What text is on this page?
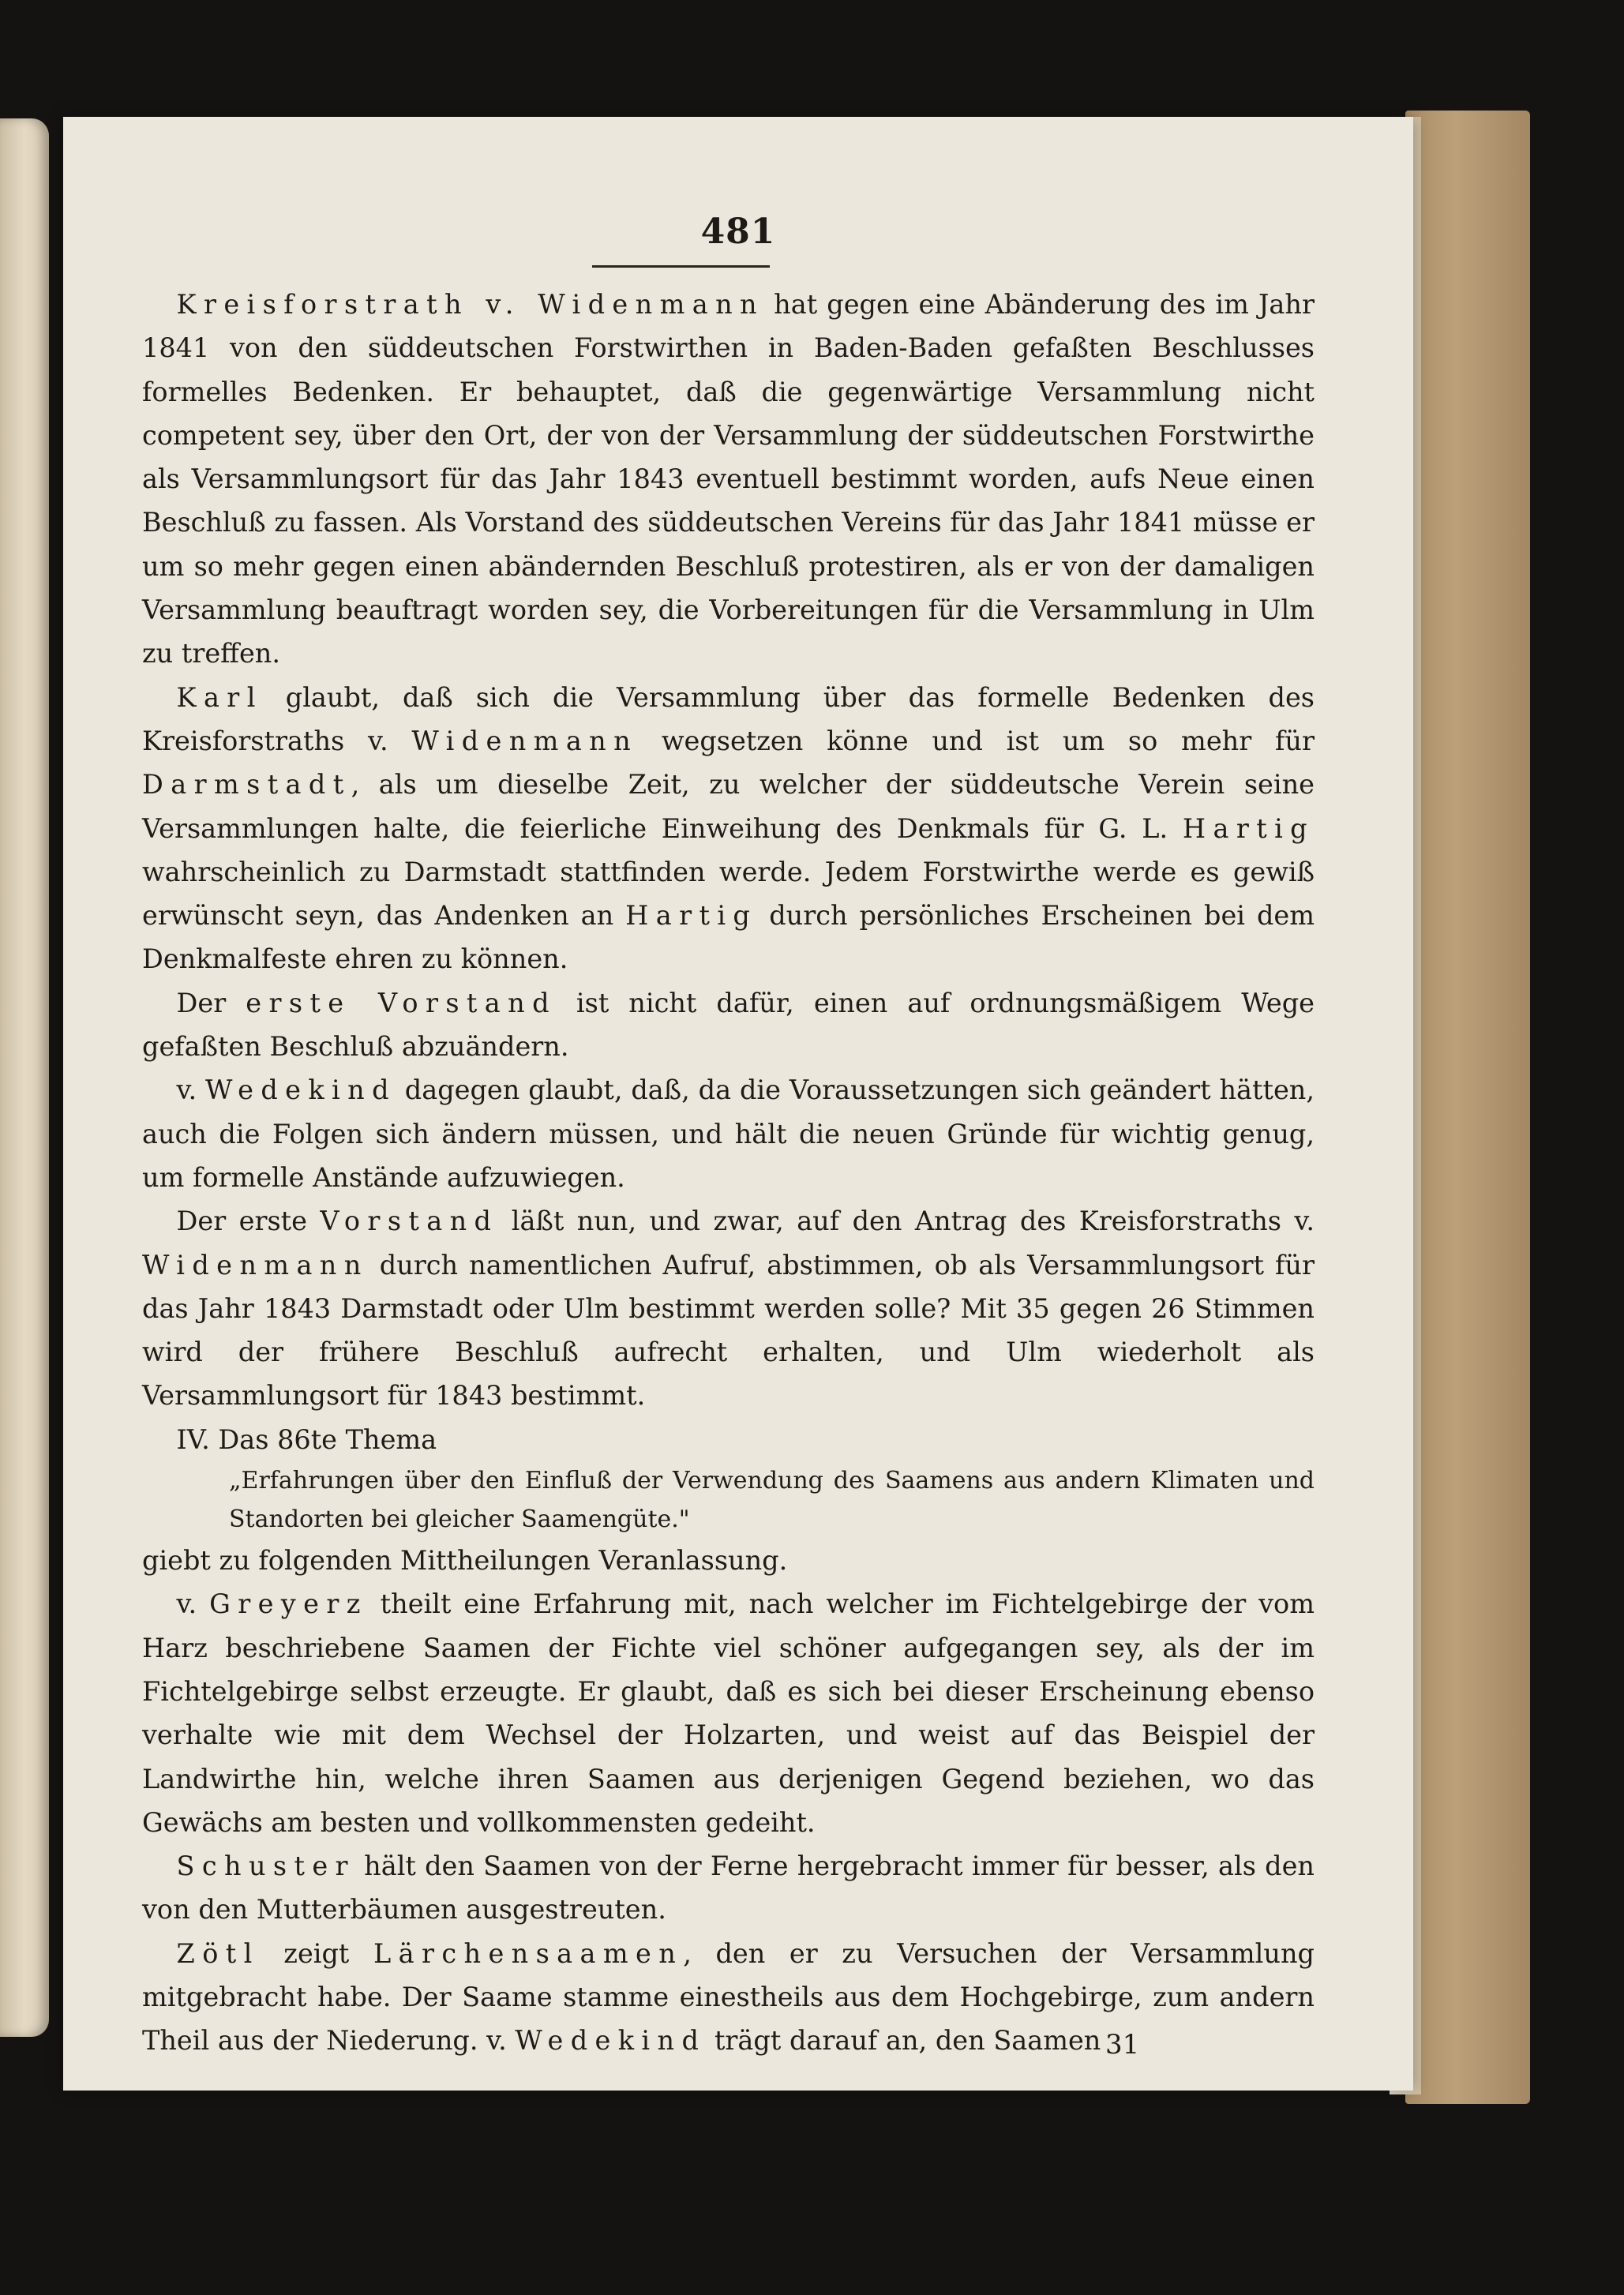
481

Kreisforstrath v. Widenmann hat gegen eine Abänderung des im Jahr 1841 von den süddeutschen Forstwirthen in Baden-Baden gefaßten Beschlusses formelles Bedenken. Er behauptet, daß die gegenwärtige Versammlung nicht competent sey, über den Ort, der von der Versammlung der süddeutschen Forstwirthe als Versammlungsort für das Jahr 1843 eventuell bestimmt worden, aufs Neue einen Beschluß zu fassen. Als Vorstand des süddeutschen Vereins für das Jahr 1841 müsse er um so mehr gegen einen abändernden Beschluß protestiren, als er von der damaligen Versammlung beauftragt worden sey, die Vorbereitungen für die Versammlung in Ulm zu treffen.

Karl glaubt, daß sich die Versammlung über das formelle Bedenken des Kreisforstraths v. Widenmann wegsetzen könne und ist um so mehr für Darmstadt, als um dieselbe Zeit, zu welcher der süddeutsche Verein seine Versammlungen halte, die feierliche Einweihung des Denkmals für G. L. Hartig wahrscheinlich zu Darmstadt stattfinden werde. Jedem Forstwirthe werde es gewiß erwünscht seyn, das Andenken an Hartig durch persönliches Erscheinen bei dem Denkmalfeste ehren zu können.

Der erste Vorstand ist nicht dafür, einen auf ordnungsmäßigem Wege gefaßten Beschluß abzuändern.

v. Wedekind dagegen glaubt, daß, da die Voraussetzungen sich geändert hätten, auch die Folgen sich ändern müssen, und hält die neuen Gründe für wichtig genug, um formelle Anstände aufzuwiegen.

Der erste Vorstand läßt nun, und zwar, auf den Antrag des Kreisforstraths v. Widenmann durch namentlichen Aufruf, abstimmen, ob als Versammlungsort für das Jahr 1843 Darmstadt oder Ulm bestimmt werden solle? Mit 35 gegen 26 Stimmen wird der frühere Beschluß aufrecht erhalten, und Ulm wiederholt als Versammlungsort für 1843 bestimmt.

IV. Das 86te Thema

„Erfahrungen über den Einfluß der Verwendung des Saamens aus andern Klimaten und Standorten bei gleicher Saamengüte."

giebt zu folgenden Mittheilungen Veranlassung.

v. Greyerz theilt eine Erfahrung mit, nach welcher im Fichtelgebirge der vom Harz beschriebene Saamen der Fichte viel schöner aufgegangen sey, als der im Fichtelgebirge selbst erzeugte. Er glaubt, daß es sich bei dieser Erscheinung ebenso verhalte wie mit dem Wechsel der Holzarten, und weist auf das Beispiel der Landwirthe hin, welche ihren Saamen aus derjenigen Gegend beziehen, wo das Gewächs am besten und vollkommensten gedeiht.

Schuster hält den Saamen von der Ferne hergebracht immer für besser, als den von den Mutterbäumen ausgestreuten.

Zötl zeigt Lärchensaamen, den er zu Versuchen der Versammlung mitgebracht habe. Der Saame stamme einestheils aus dem Hochgebirge, zum andern Theil aus der Niederung. v. Wedekind trägt darauf an, den Saamen 31
